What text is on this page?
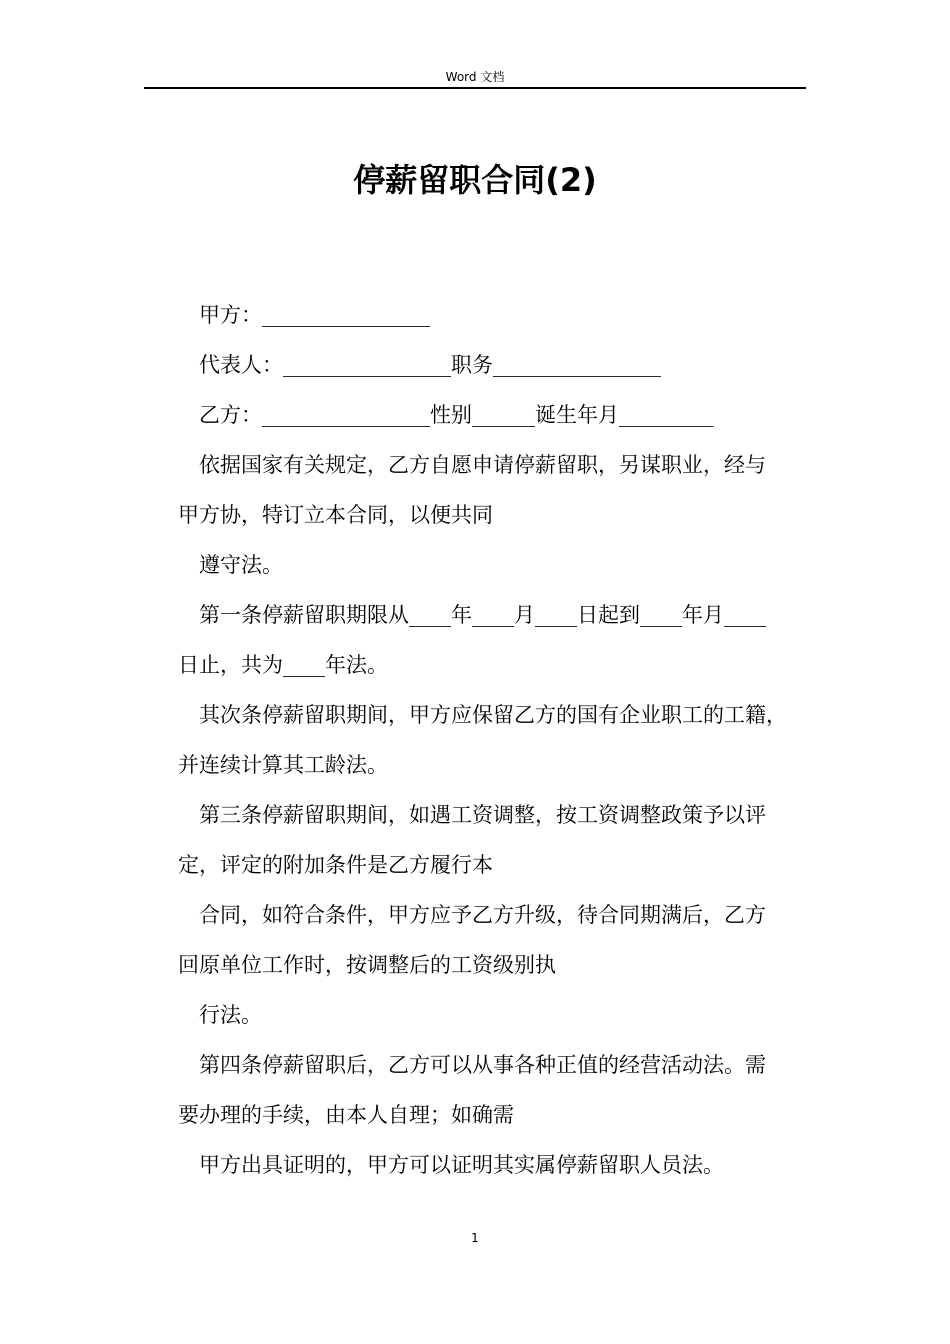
Word 文档
停薪留职合同(2)
甲方：________________
代表人：________________职务________________
乙方：________________性别______诞生年月_________
依据国家有关规定，乙方自愿申请停薪留职，另谋职业，经与
甲方协，特订立本合同，以便共同
遵守法。
第一条停薪留职期限从____年____月____日起到____年月____
日止，共为____年法。
其次条停薪留职期间，甲方应保留乙方的国有企业职工的工籍，
并连续计算其工龄法。
第三条停薪留职期间，如遇工资调整，按工资调整政策予以评
定，评定的附加条件是乙方履行本
合同，如符合条件，甲方应予乙方升级，待合同期满后，乙方
回原单位工作时，按调整后的工资级别执
行法。
第四条停薪留职后，乙方可以从事各种正值的经营活动法。需
要办理的手续，由本人自理；如确需
甲方出具证明的，甲方可以证明其实属停薪留职人员法。
1
